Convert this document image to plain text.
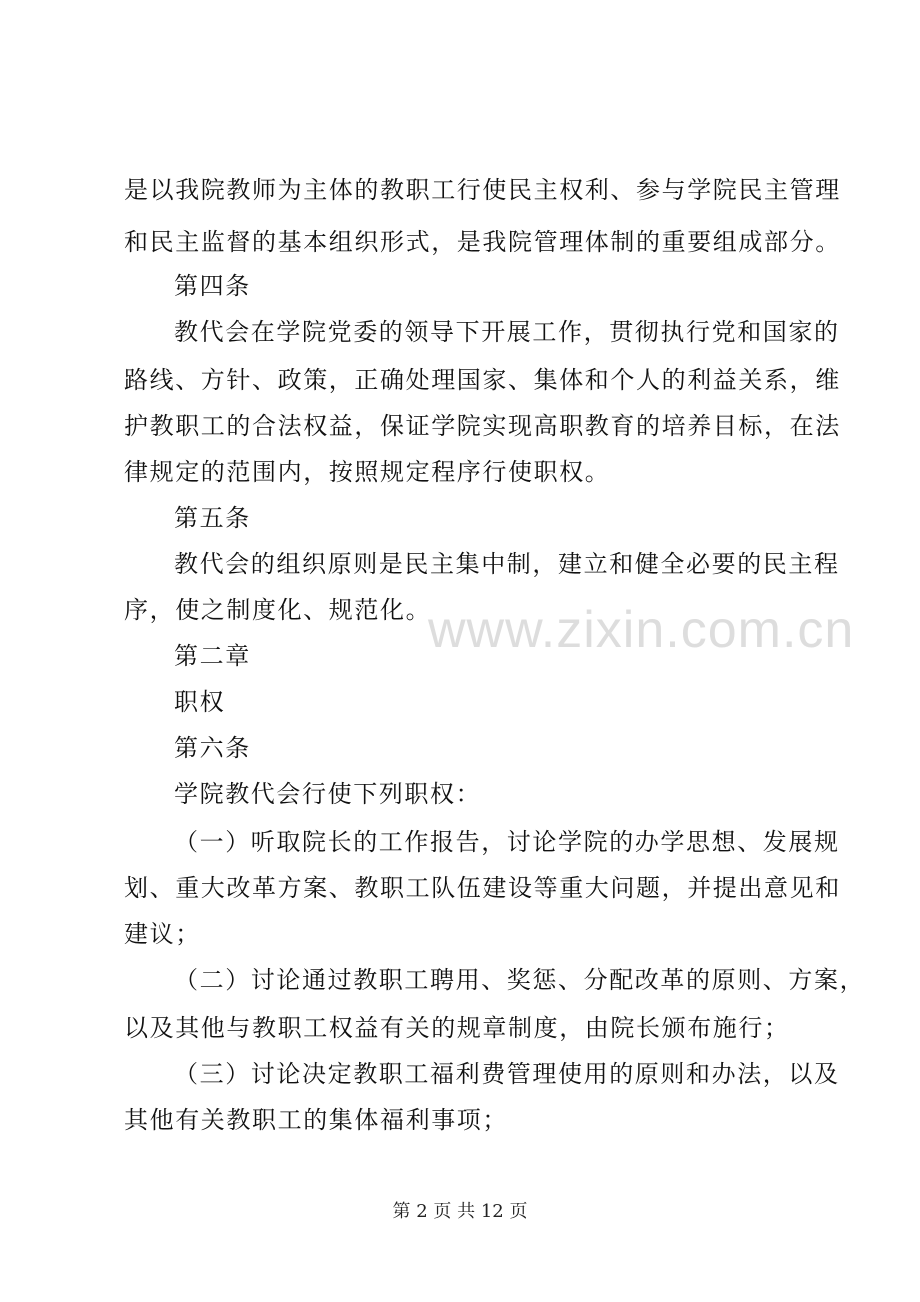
是以我院教师为主体的教职工行使民主权利、参与学院民主管理
和民主监督的基本组织形式，是我院管理体制的重要组成部分。
第四条
教代会在学院党委的领导下开展工作，贯彻执行党和国家的
路线、方针、政策，正确处理国家、集体和个人的利益关系，维
护教职工的合法权益，保证学院实现高职教育的培养目标，在法
律规定的范围内，按照规定程序行使职权。
第五条
教代会的组织原则是民主集中制，建立和健全必要的民主程
序，使之制度化、规范化。
第二章
职权
第六条
学院教代会行使下列职权：
（一）听取院长的工作报告，讨论学院的办学思想、发展规
划、重大改革方案、教职工队伍建设等重大问题，并提出意见和
建议；
（二）讨论通过教职工聘用、奖惩、分配改革的原则、方案，
以及其他与教职工权益有关的规章制度，由院长颁布施行；
（三）讨论决定教职工福利费管理使用的原则和办法，以及
其他有关教职工的集体福利事项；
www.zixin.com.cn
第 2 页 共 12 页
